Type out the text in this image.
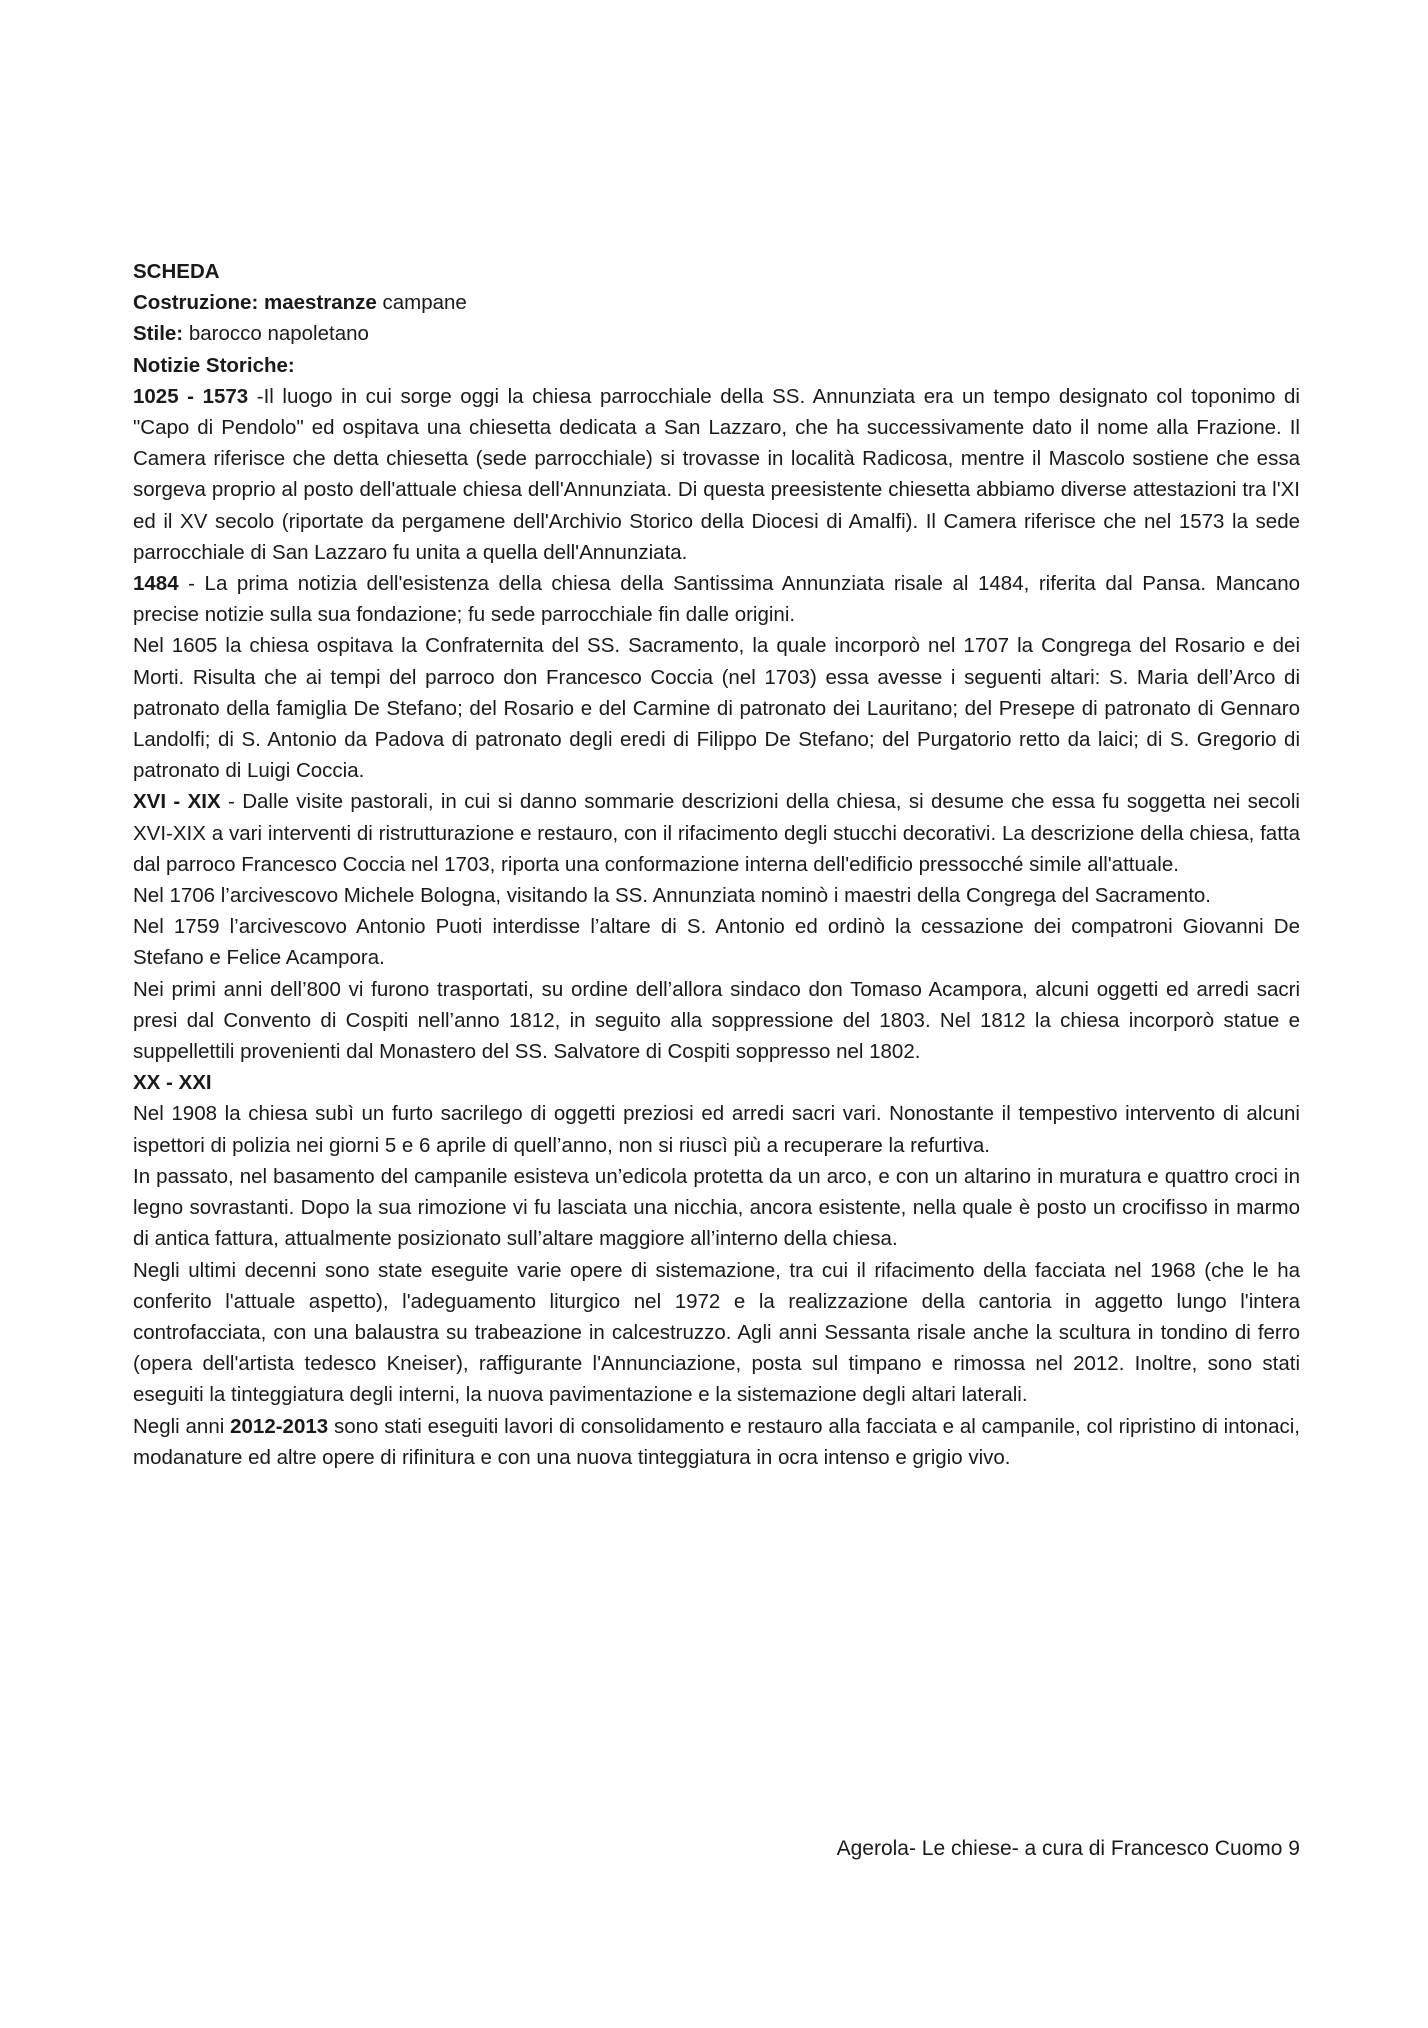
SCHEDA

Costruzione: maestranze campane

Stile: barocco napoletano

Notizie Storiche:

1025 - 1573 -Il luogo in cui sorge oggi la chiesa parrocchiale della SS. Annunziata era un tempo designato col toponimo di "Capo di Pendolo" ed ospitava una chiesetta dedicata a San Lazzaro, che ha successivamente dato il nome alla Frazione. Il Camera riferisce che detta chiesetta (sede parrocchiale) si trovasse in località Radicosa, mentre il Mascolo sostiene che essa sorgeva proprio al posto dell'attuale chiesa dell'Annunziata. Di questa preesistente chiesetta abbiamo diverse attestazioni tra l'XI ed il XV secolo (riportate da pergamene dell'Archivio Storico della Diocesi di Amalfi). Il Camera riferisce che nel 1573 la sede parrocchiale di San Lazzaro fu unita a quella dell'Annunziata.

1484 - La prima notizia dell'esistenza della chiesa della Santissima Annunziata risale al 1484, riferita dal Pansa. Mancano precise notizie sulla sua fondazione; fu sede parrocchiale fin dalle origini.

Nel 1605 la chiesa ospitava la Confraternita del SS. Sacramento, la quale incorporò nel 1707 la Congrega del Rosario e dei Morti. Risulta che ai tempi del parroco don Francesco Coccia (nel 1703) essa avesse i seguenti altari: S. Maria dell’Arco di patronato della famiglia De Stefano; del Rosario e del Carmine di patronato dei Lauritano; del Presepe di patronato di Gennaro Landolfi; di S. Antonio da Padova di patronato degli eredi di Filippo De Stefano; del Purgatorio retto da laici; di S. Gregorio di patronato di Luigi Coccia.

XVI - XIX - Dalle visite pastorali, in cui si danno sommarie descrizioni della chiesa, si desume che essa fu soggetta nei secoli XVI-XIX a vari interventi di ristrutturazione e restauro, con il rifacimento degli stucchi decorativi. La descrizione della chiesa, fatta dal parroco Francesco Coccia nel 1703, riporta una conformazione interna dell'edificio pressocché simile all'attuale.

Nel 1706 l’arcivescovo Michele Bologna, visitando la SS. Annunziata nominò i maestri della Congrega del Sacramento.

Nel 1759 l’arcivescovo Antonio Puoti interdisse l’altare di S. Antonio ed ordinò la cessazione dei compatroni Giovanni De Stefano e Felice Acampora.

Nei primi anni dell’800 vi furono trasportati, su ordine dell’allora sindaco don Tomaso Acampora, alcuni oggetti ed arredi sacri presi dal Convento di Cospiti nell’anno 1812, in seguito alla soppressione del 1803. Nel 1812 la chiesa incorporò statue e suppellettili provenienti dal Monastero del SS. Salvatore di Cospiti soppresso nel 1802.

XX - XXI

Nel 1908 la chiesa subì un furto sacrilego di oggetti preziosi ed arredi sacri vari. Nonostante il tempestivo intervento di alcuni ispettori di polizia nei giorni 5 e 6 aprile di quell’anno, non si riuscì più a recuperare la refurtiva.

In passato, nel basamento del campanile esisteva un’edicola protetta da un arco, e con un altarino in muratura e quattro croci in legno sovrastanti. Dopo la sua rimozione vi fu lasciata una nicchia, ancora esistente, nella quale è posto un crocifisso in marmo di antica fattura, attualmente posizionato sull’altare maggiore all’interno della chiesa.

Negli ultimi decenni sono state eseguite varie opere di sistemazione, tra cui il rifacimento della facciata nel 1968 (che le ha conferito l'attuale aspetto), l'adeguamento liturgico nel 1972 e la realizzazione della cantoria in aggetto lungo l'intera controfacciata, con una balaustra su trabeazione in calcestruzzo. Agli anni Sessanta risale anche la scultura in tondino di ferro (opera dell'artista tedesco Kneiser), raffigurante l'Annunciazione, posta sul timpano e rimossa nel 2012. Inoltre, sono stati eseguiti la tinteggiatura degli interni, la nuova pavimentazione e la sistemazione degli altari laterali.

Negli anni 2012-2013 sono stati eseguiti lavori di consolidamento e restauro alla facciata e al campanile, col ripristino di intonaci, modanature ed altre opere di rifinitura e con una nuova tinteggiatura in ocra intenso e grigio vivo.

Agerola- Le chiese- a cura di Francesco Cuomo 9
